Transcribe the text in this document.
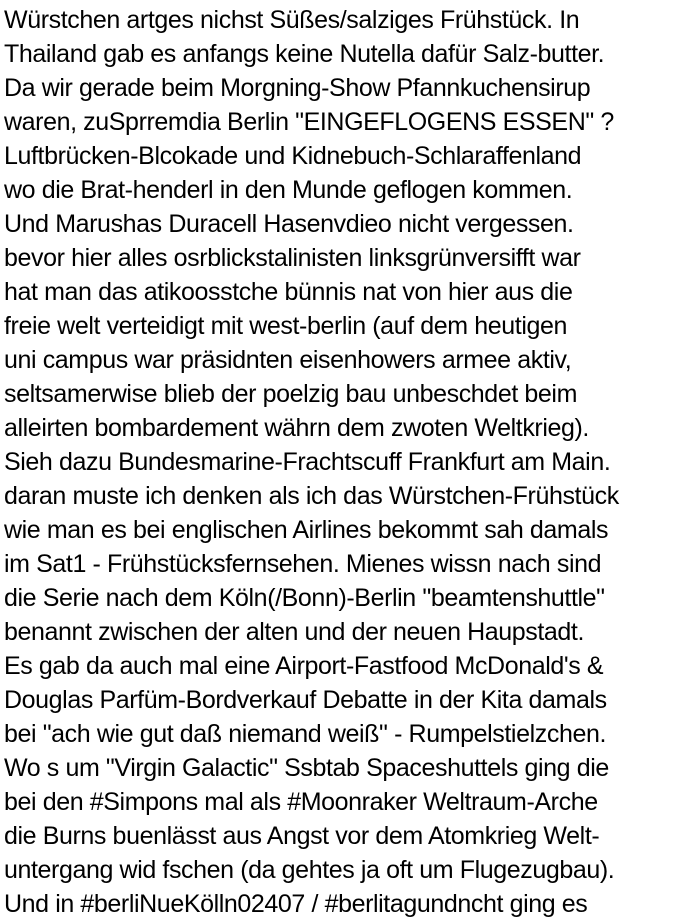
Würstchen artges nichst Süßes/salziges Frühstück. In
Thailand gab es anfangs keine Nutella dafür Salz-butter.
Da wir gerade beim Morgning-Show Pfannkuchensirup
waren, zuSprremdia Berlin "EINGEFLOGENS ESSEN" ?
Luftbrücken-Blcokade und Kidnebuch-Schlaraffenland
wo die Brat-henderl in den Munde geflogen kommen.
Und Marushas Duracell Hasenvdieo nicht vergessen.
bevor hier alles osrblickstalinisten linksgrünversifft war
hat man das atikoosstche bünnis nat von hier aus die
freie welt verteidigt mit west-berlin (auf dem heutigen
uni campus war präsidnten eisenhowers armee aktiv,
seltsamerwise blieb der poelzig bau unbeschdet beim
alleirten bombardement währn dem zwoten Weltkrieg).
Sieh dazu Bundesmarine-Frachtscuff Frankfurt am Main.
daran muste ich denken als ich das Würstchen-Frühstück
wie man es bei englischen Airlines bekommt sah damals
im Sat1 - Frühstücksfernsehen. Mienes wissn nach sind
die Serie nach dem Köln(/Bonn)-Berlin "beamtenshuttle"
benannt zwischen der alten und der neuen Haupstadt.
Es gab da auch mal eine Airport-Fastfood McDonald's &
Douglas Parfüm-Bordverkauf Debatte in der Kita damals
bei "ach wie gut daß niemand weiß" - Rumpelstielzchen.
Wo s um "Virgin Galactic" Ssbtab Spaceshuttels ging die
bei den #Simpons mal als #Moonraker Weltraum-Arche
die Burns buenlässt aus Angst vor dem Atomkrieg Welt-
untergang wid fschen (da gehtes ja oft um Flugezugbau).
Und in #berliNueKölln02407 / #berlitagundncht ging es
